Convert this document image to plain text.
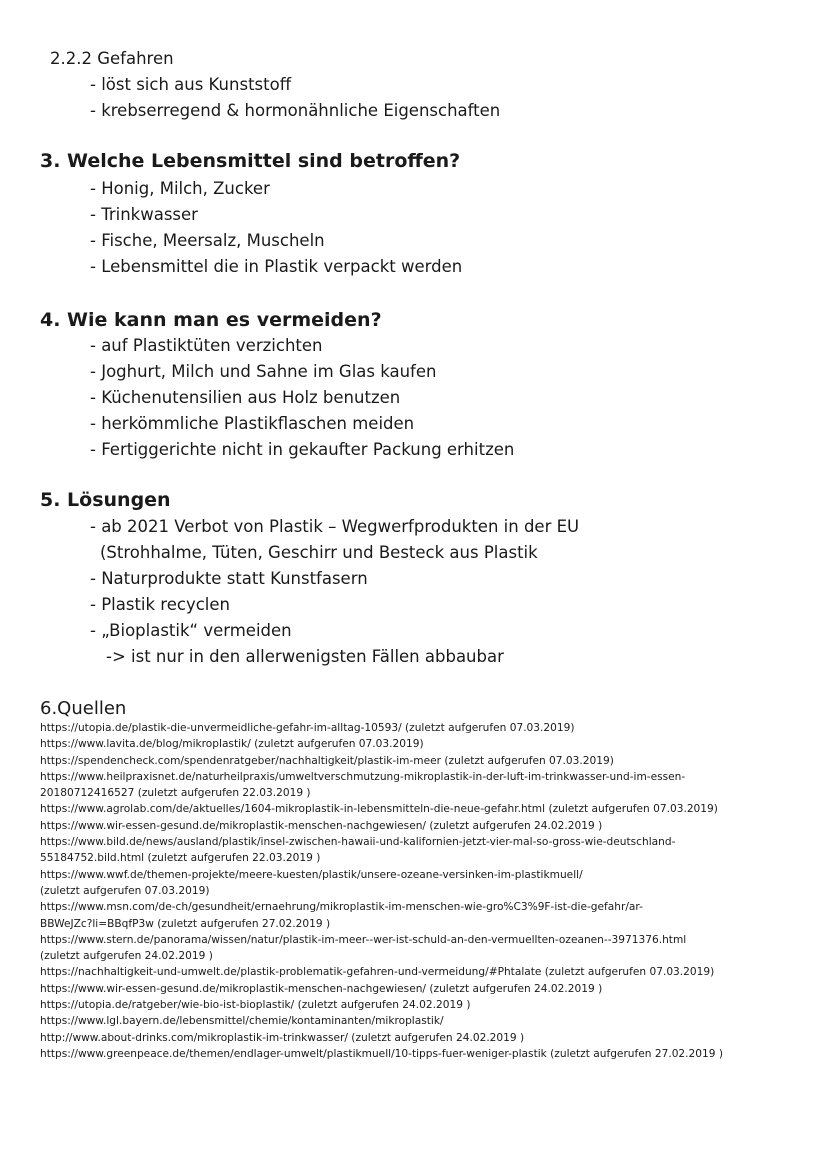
2.2.2 Gefahren
- löst sich aus Kunststoff
- krebserregend & hormonähnliche Eigenschaften
3. Welche Lebensmittel sind betroffen?
- Honig, Milch, Zucker
- Trinkwasser
- Fische, Meersalz, Muscheln
- Lebensmittel die in Plastik verpackt werden
4. Wie kann man es vermeiden?
- auf Plastiktüten verzichten
- Joghurt, Milch und Sahne im Glas kaufen
- Küchenutensilien aus Holz benutzen
- herkömmliche Plastikflaschen meiden
- Fertiggerichte nicht in gekaufter Packung erhitzen
5. Lösungen
- ab 2021 Verbot von Plastik – Wegwerfprodukten in der EU
(Strohhalme, Tüten, Geschirr und Besteck aus Plastik
- Naturprodukte statt Kunstfasern
- Plastik recyclen
- „Bioplastik“ vermeiden
-> ist nur in den allerwenigsten Fällen abbaubar
6.Quellen
https://utopia.de/plastik-die-unvermeidliche-gefahr-im-alltag-10593/ (zuletzt aufgerufen 07.03.2019)
https://www.lavita.de/blog/mikroplastik/ (zuletzt aufgerufen 07.03.2019)
https://spendencheck.com/spendenratgeber/nachhaltigkeit/plastik-im-meer (zuletzt aufgerufen 07.03.2019)
https://www.heilpraxisnet.de/naturheilpraxis/umweltverschmutzung-mikroplastik-in-der-luft-im-trinkwasser-und-im-essen-
20180712416527 (zuletzt aufgerufen 22.03.2019 )
https://www.agrolab.com/de/aktuelles/1604-mikroplastik-in-lebensmitteln-die-neue-gefahr.html (zuletzt aufgerufen 07.03.2019)
https://www.wir-essen-gesund.de/mikroplastik-menschen-nachgewiesen/ (zuletzt aufgerufen 24.02.2019 )
https://www.bild.de/news/ausland/plastik/insel-zwischen-hawaii-und-kalifornien-jetzt-vier-mal-so-gross-wie-deutschland-
55184752.bild.html (zuletzt aufgerufen 22.03.2019 )
https://www.wwf.de/themen-projekte/meere-kuesten/plastik/unsere-ozeane-versinken-im-plastikmuell/
(zuletzt aufgerufen 07.03.2019)
https://www.msn.com/de-ch/gesundheit/ernaehrung/mikroplastik-im-menschen-wie-gro%C3%9F-ist-die-gefahr/ar-
BBWeJZc?li=BBqfP3w (zuletzt aufgerufen 27.02.2019 )
https://www.stern.de/panorama/wissen/natur/plastik-im-meer--wer-ist-schuld-an-den-vermuellten-ozeanen--3971376.html
(zuletzt aufgerufen 24.02.2019 )
https://nachhaltigkeit-und-umwelt.de/plastik-problematik-gefahren-und-vermeidung/#Phtalate (zuletzt aufgerufen 07.03.2019)
https://www.wir-essen-gesund.de/mikroplastik-menschen-nachgewiesen/ (zuletzt aufgerufen 24.02.2019 )
https://utopia.de/ratgeber/wie-bio-ist-bioplastik/ (zuletzt aufgerufen 24.02.2019 )
https://www.lgl.bayern.de/lebensmittel/chemie/kontaminanten/mikroplastik/
http://www.about-drinks.com/mikroplastik-im-trinkwasser/ (zuletzt aufgerufen 24.02.2019 )
https://www.greenpeace.de/themen/endlager-umwelt/plastikmuell/10-tipps-fuer-weniger-plastik (zuletzt aufgerufen 27.02.2019 )
